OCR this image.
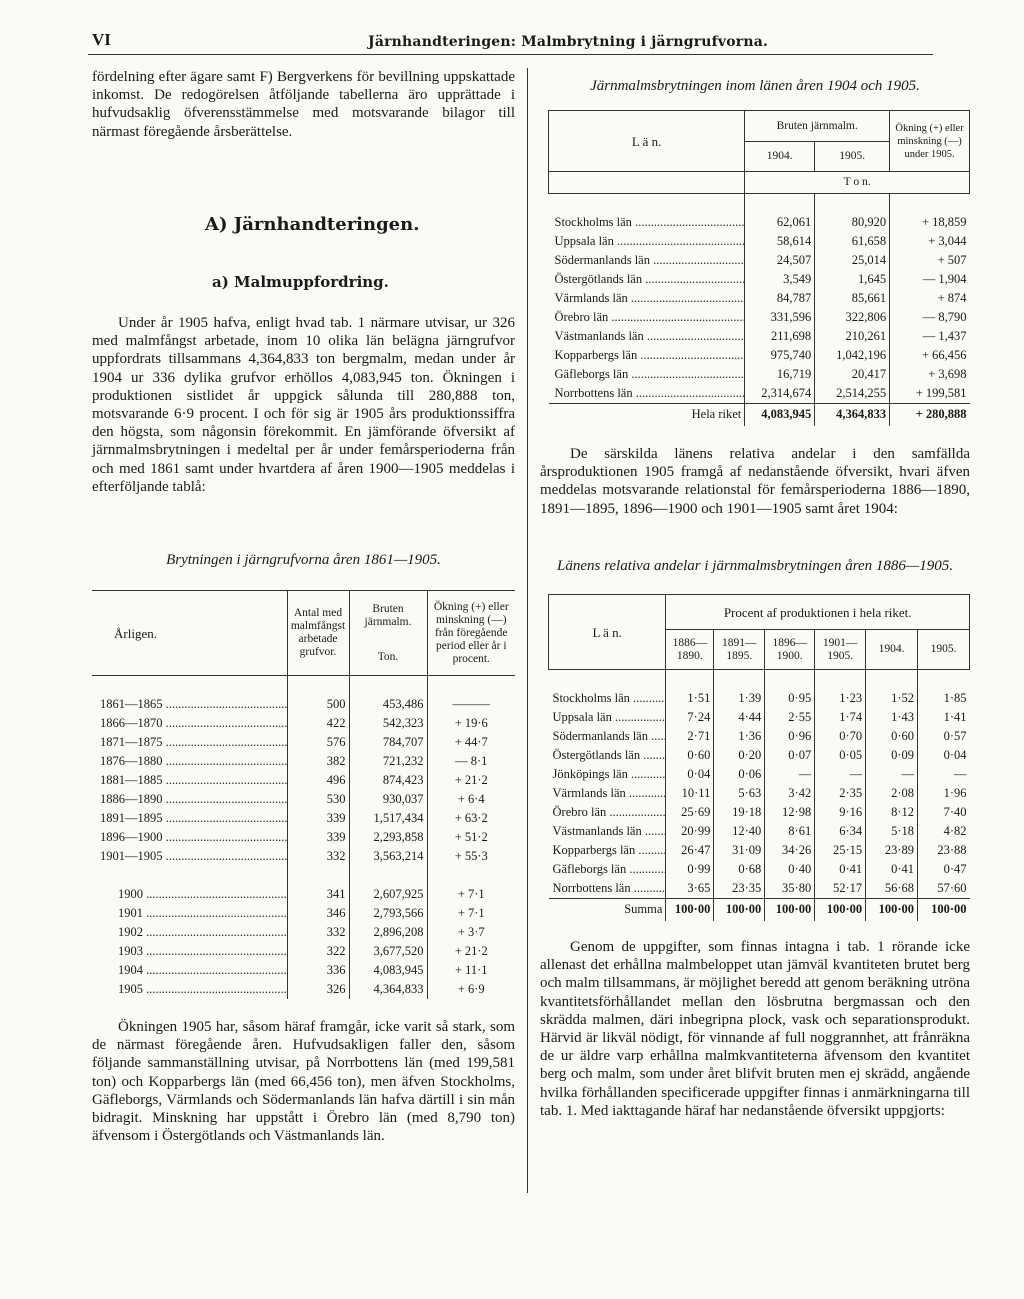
VI	Järnhandteringen: Malmbrytning i järngrufvorna.

fördelning efter ägare samt F) Bergverkens för bevillning uppskattade inkomst. De redogörelsen åtföljande tabellerna äro upprättade i hufvudsaklig öfverensstämmelse med motsvarande bilagor till närmast föregående årsberättelse.

A) Järnhandteringen.
a) Malmuppfordring.

Under år 1905 hafva, enligt hvad tab. 1 närmare utvisar, ur 326 med malmfångst arbetade, inom 10 olika län belägna järngrufvor uppfordrats tillsammans 4,364,833 ton bergmalm, medan under år 1904 ur 336 dylika grufvor erhöllos 4,083,945 ton. Ökningen i produktionen sistlidet år uppgick sålunda till 280,888 ton, motsvarande 6·9 procent. I och för sig är 1905 års produktionssiffra den högsta, som någonsin förekommit. En jämförande öfversikt af järnmalmsbrytningen i medeltal per år under femårsperioderna från och med 1861 samt under hvartdera af åren 1900—1905 meddelas i efterföljande tablå:

Brytningen i järngrufvorna åren 1861—1905.
Årligen.	Antal med malmfångst arbetade grufvor.	Bruten järnmalm.
Ton.	Ökning (+) eller minskning (—) från föregående period eller år i procent.

1861—1865 .....	500	453,486	———
1866—1870 .....	422	542,323	+ 19·6
1871—1875 .....	576	784,707	+ 44·7
1876—1880 .....	382	721,232	— 8·1
1881—1885 .....	496	874,423	+ 21·2
1886—1890 .....	530	930,037	+ 6·4
1891—1895 .....	339	1,517,434	+ 63·2
1896—1900 .....	339	2,293,858	+ 51·2
1901—1905 .....	332	3,563,214	+ 55·3

1900 .....	341	2,607,925	+ 7·1
1901 .....	346	2,793,566	+ 7·1
1902 .....	332	2,896,208	+ 3·7
1903 .....	322	3,677,520	+ 21·2
1904 .....	336	4,083,945	+ 11·1
1905 .....	326	4,364,833	+ 6·9

Ökningen 1905 har, såsom häraf framgår, icke varit så stark, som de närmast föregående åren. Hufvudsakligen faller den, såsom följande sammanställning utvisar, på Norrbottens län (med 199,581 ton) och Kopparbergs län (med 66,456 ton), men äfven Stockholms, Gäfleborgs, Värmlands och Södermanlands län hafva därtill i sin mån bidragit. Minskning har uppstått i Örebro län (med 8,790 ton) äfvensom i Östergötlands och Västmanlands län.

Järnmalmsbrytningen inom länen åren 1904 och 1905.
L ä n.	Bruten järnmalm.		Ökning (+) eller minskning (—) under 1905.
	1904.	1905.	
	T o n.		

Stockholms län .....	62,061	80,920	+ 18,859
Uppsala län .....	58,614	61,658	+ 3,044
Södermanlands län .....	24,507	25,014	+ 507
Östergötlands län .....	3,549	1,645	— 1,904
Värmlands län .....	84,787	85,661	+ 874
Örebro län .....	331,596	322,806	— 8,790
Västmanlands län .....	211,698	210,261	— 1,437
Kopparbergs län .....	975,740	1,042,196	+ 66,456
Gäfleborgs län .....	16,719	20,417	+ 3,698
Norrbottens län .....	2,314,674	2,514,255	+ 199,581
Hela riket	4,083,945	4,364,833	+ 280,888

De särskilda länens relativa andelar i den samfällda årsproduktionen 1905 framgå af nedanstående öfversikt, hvari äfven meddelas motsvarande relationstal för femårsperioderna 1886—1890, 1891—1895, 1896—1900 och 1901—1905 samt året 1904:

Länens relativa andelar i järnmalmsbrytningen åren 1886—1905.
L ä n.	Procent af produktionen i hela riket.					
	1886—1890.	1891—1895.	1896—1900.	1901—1905.	1904.	1905.

Stockholms län .....	1·51	1·39	0·95	1·23	1·52	1·85
Uppsala län .....	7·24	4·44	2·55	1·74	1·43	1·41
Södermanlands län .....	2·71	1·36	0·96	0·70	0·60	0·57
Östergötlands län .....	0·60	0·20	0·07	0·05	0·09	0·04
Jönköpings län .....	0·04	0·06	—	—	—	—
Värmlands län .....	10·11	5·63	3·42	2·35	2·08	1·96
Örebro län .....	25·69	19·18	12·98	9·16	8·12	7·40
Västmanlands län .....	20·99	12·40	8·61	6·34	5·18	4·82
Kopparbergs län .....	26·47	31·09	34·26	25·15	23·89	23·88
Gäfleborgs län .....	0·99	0·68	0·40	0·41	0·41	0·47
Norrbottens län .....	3·65	23·35	35·80	52·17	56·68	57·60
Summa	100·00	100·00	100·00	100·00	100·00	100·00

Genom de uppgifter, som finnas intagna i tab. 1 rörande icke allenast det erhållna malmbeloppet utan jämväl kvantiteten brutet berg och malm tillsammans, är möjlighet beredd att genom beräkning utröna kvantitetsförhållandet mellan den lösbrutna bergmassan och den skrädda malmen, däri inbegripna plock, vask och separationsprodukt. Härvid är likväl nödigt, för vinnande af full noggrannhet, att frånräkna de ur äldre varp erhållna malmkvantiteterna äfvensom den kvantitet berg och malm, som under året blifvit bruten men ej skrädd, angående hvilka förhållanden specificerade uppgifter finnas i anmärkningarna till tab. 1. Med iakttagande häraf har nedanstående öfversikt uppgjorts:
